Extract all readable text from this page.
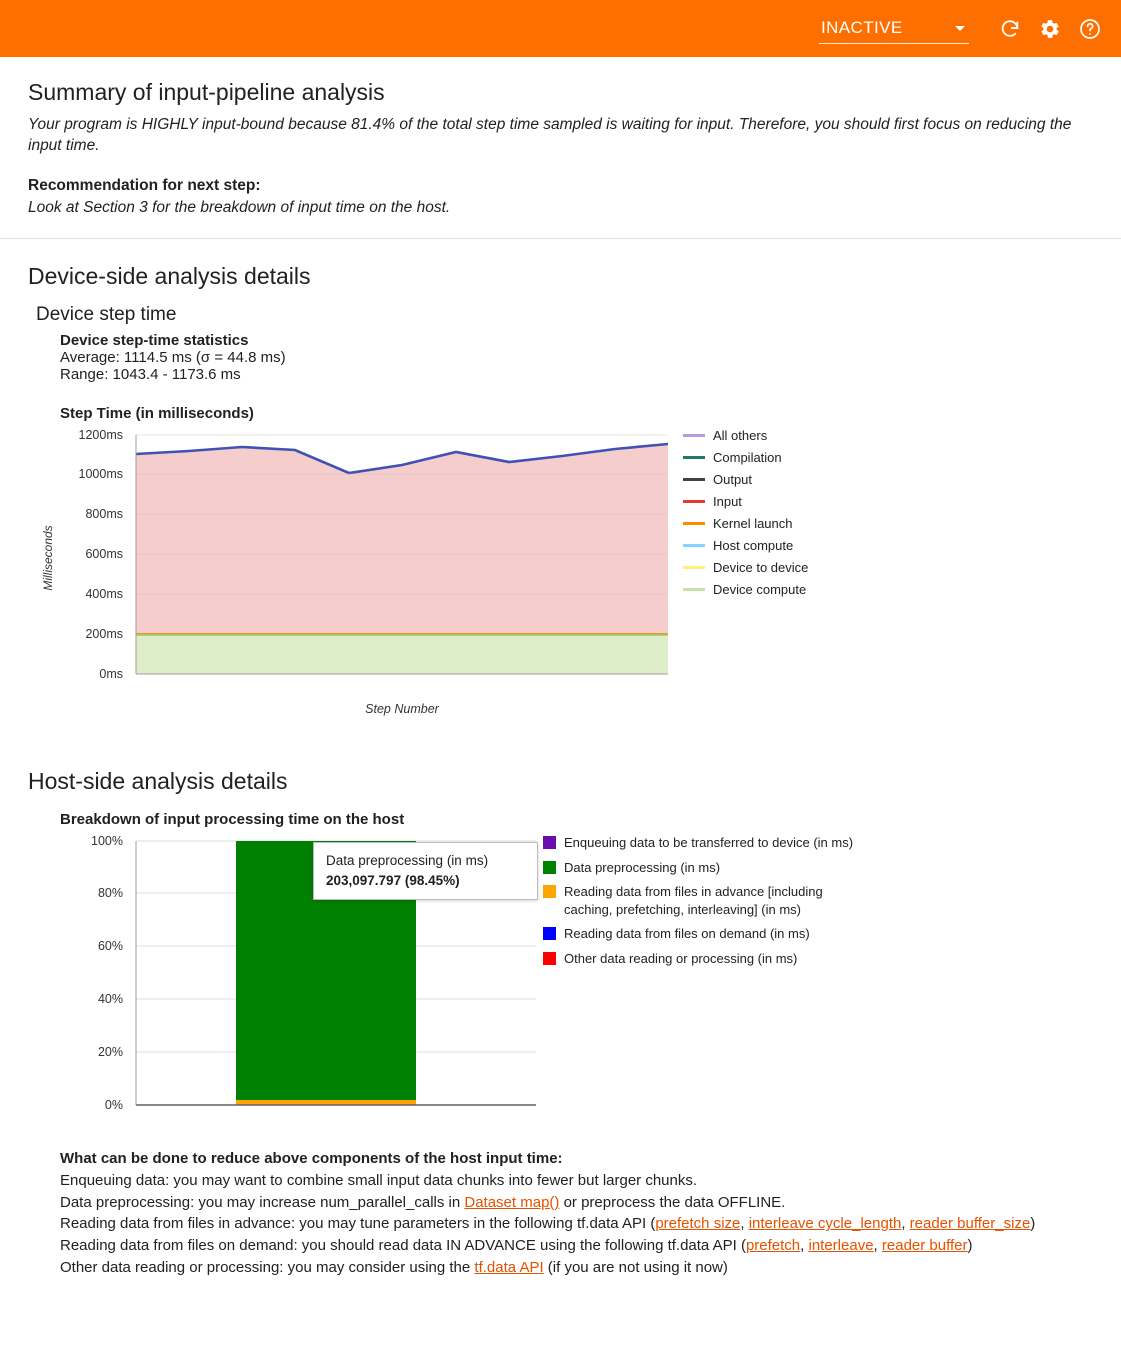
INACTIVE
Summary of input-pipeline analysis

Your program is HIGHLY input-bound because 81.4% of the total step time sampled is waiting for input. Therefore, you should first focus on reducing the input time.

Recommendation for next step:

Look at Section 3 for the breakdown of input time on the host.

Device-side analysis details
Device step time

Device step-time statistics

Average: 1114.5 ms (σ = 44.8 ms)

Range: 1043.4 - 1173.6 ms

Step Time (in milliseconds)
1200ms
1000ms
800ms
600ms
400ms
200ms
0ms
Step Number
Milliseconds
All others
Compilation
Output
Input
Kernel launch
Host compute
Device to device
Device compute
Host-side analysis details
Breakdown of input processing time on the host
100%
80%
60%
40%
20%
0%
Data preprocessing (in ms)
203,097.797 (98.45%)
Enqueuing data to be transferred to device (in ms)
Data preprocessing (in ms)
Reading data from files in advance [including caching, prefetching, interleaving] (in ms)
Reading data from files on demand (in ms)
Other data reading or processing (in ms)
What can be done to reduce above components of the host input time:
Enqueuing data: you may want to combine small input data chunks into fewer but larger chunks.
Data preprocessing: you may increase num_parallel_calls in Dataset map() or preprocess the data OFFLINE.
Reading data from files in advance: you may tune parameters in the following tf.data API (prefetch size, interleave cycle_length, reader buffer_size)
Reading data from files on demand: you should read data IN ADVANCE using the following tf.data API (prefetch, interleave, reader buffer)
Other data reading or processing: you may consider using the tf.data API (if you are not using it now)
